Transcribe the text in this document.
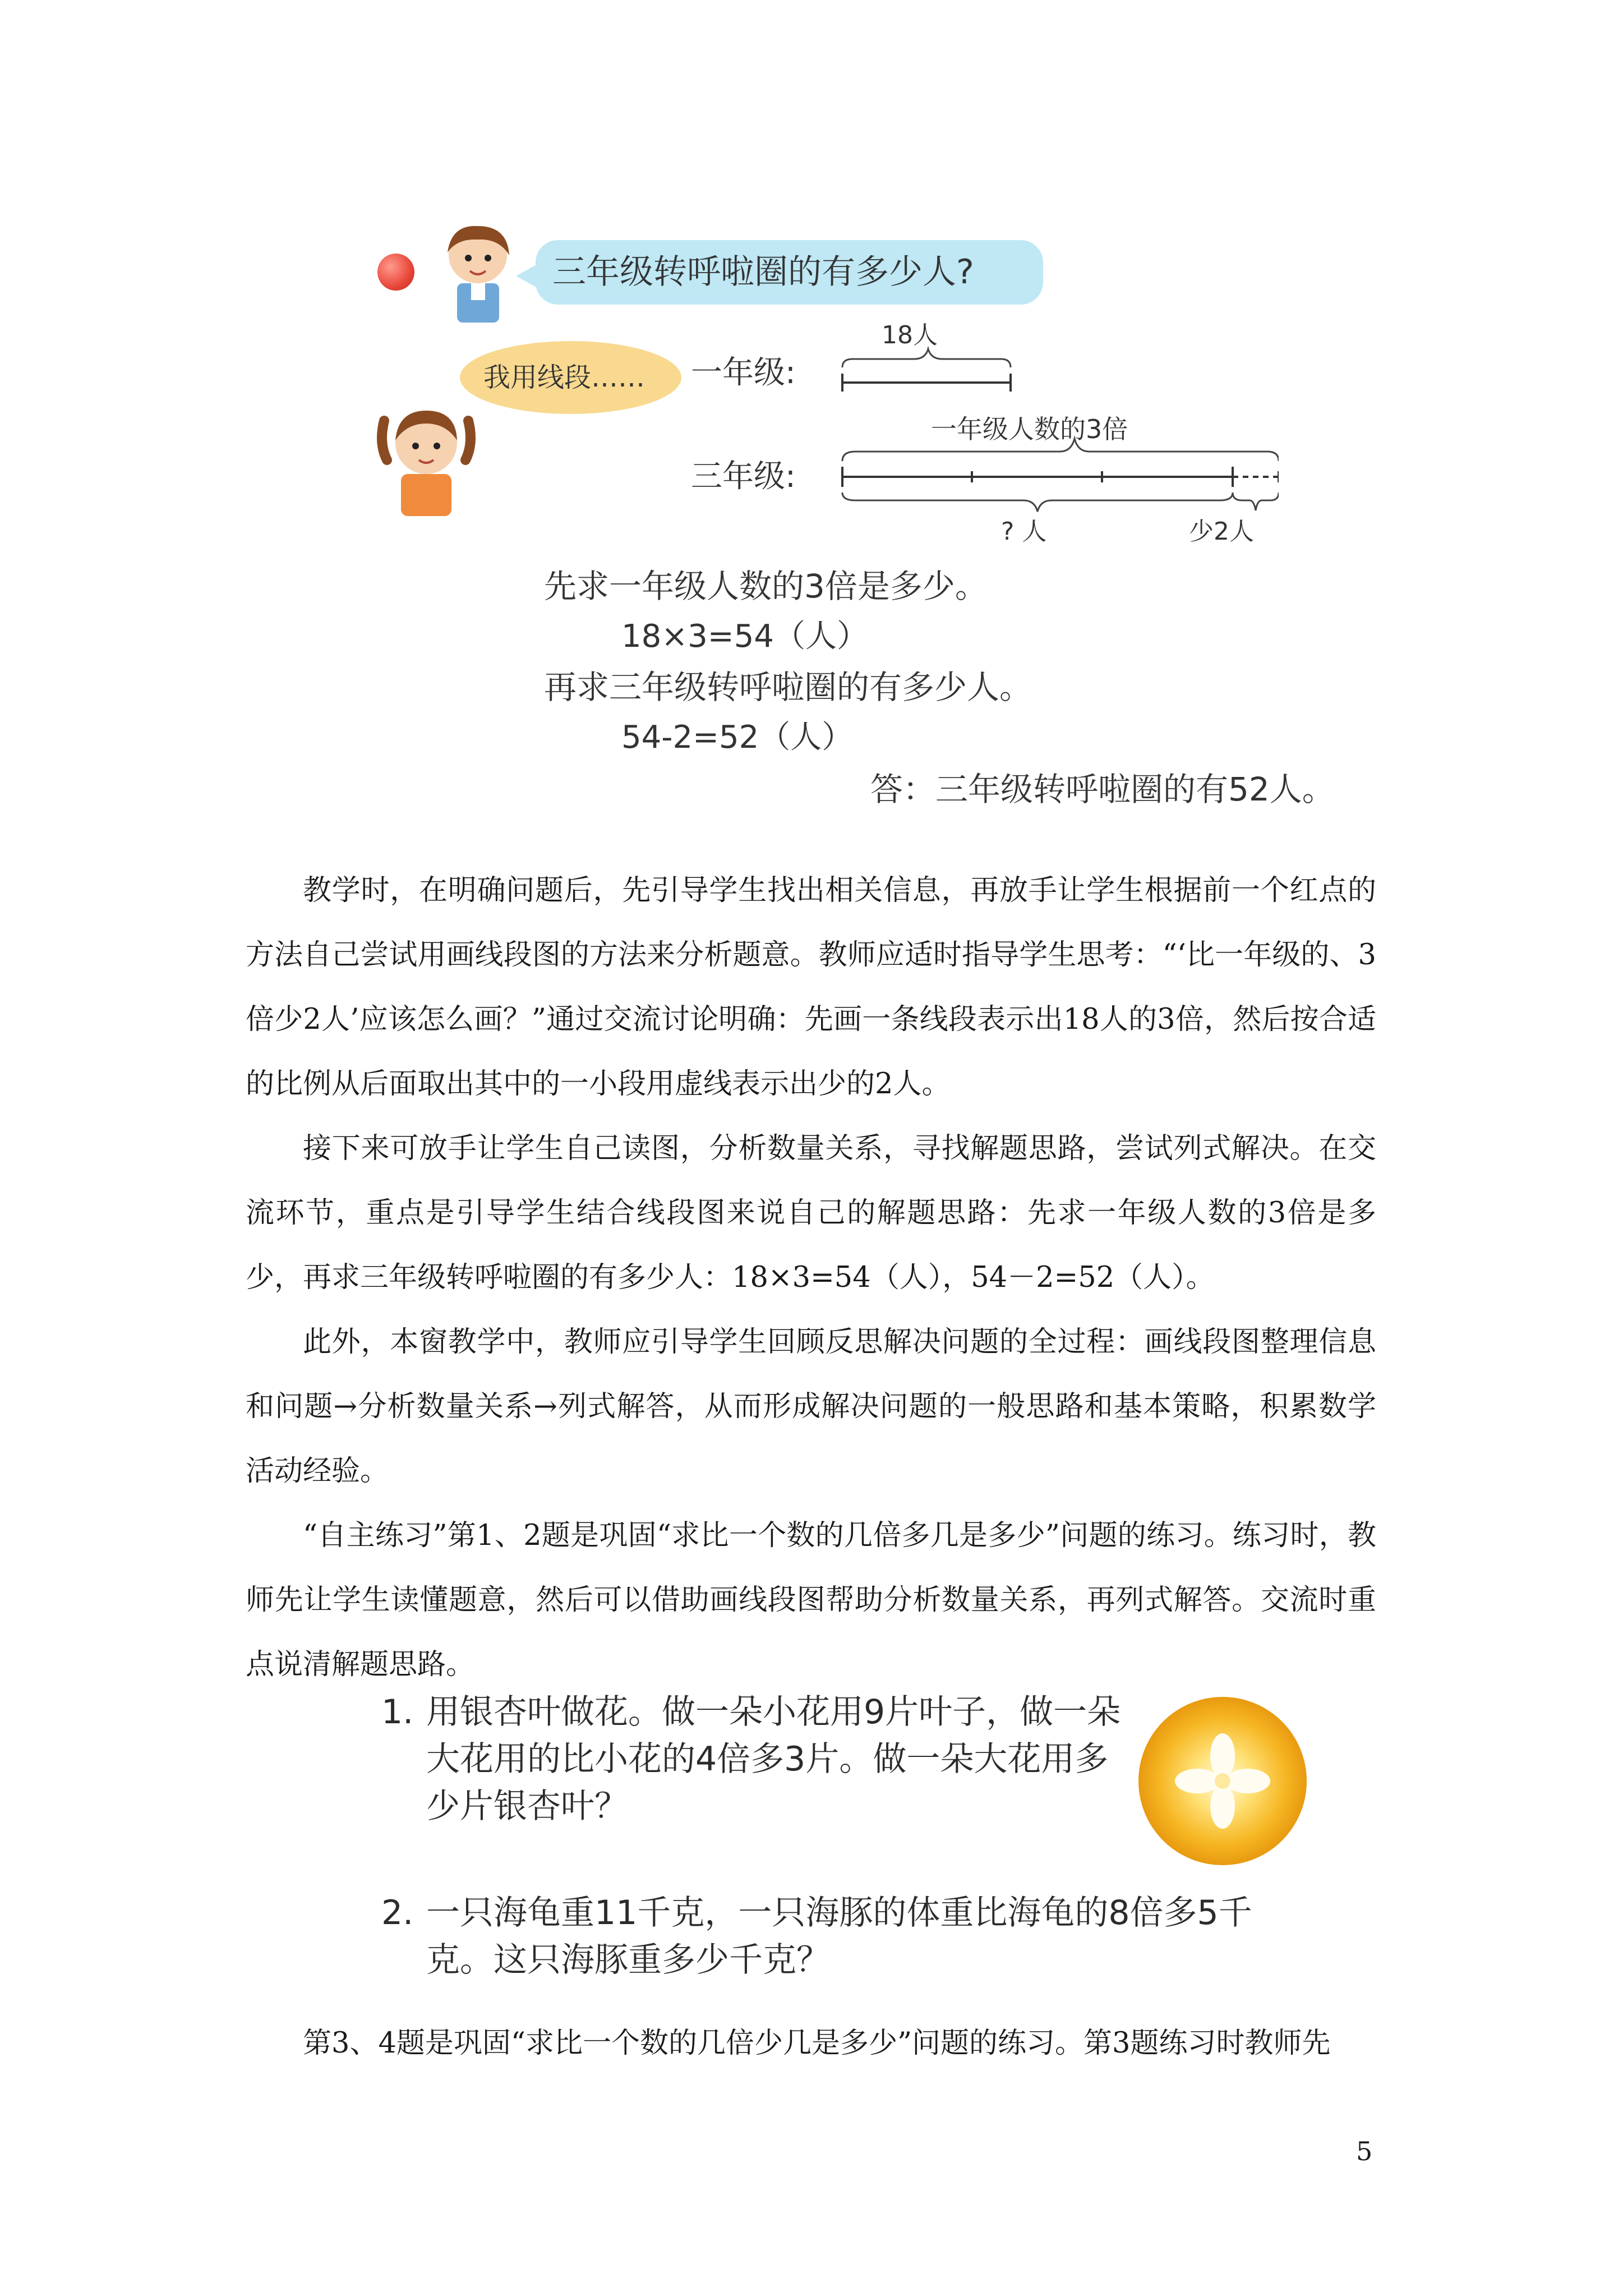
三年级转呼啦圈的有多少人?
我用线段…… 一年级:
三年级:
18人
一年级人数的3倍
? 人	少2人
先求一年级人数的3倍是多少。
18×3=54（人）
再求三年级转呼啦圈的有多少人。
54-2=52（人）
答：三年级转呼啦圈的有52人。

教学时，在明确问题后，先引导学生找出相关信息，再放手让学生根据前一个红点的方法自己尝试用画线段图的方法来分析题意。教师应适时指导学生思考：“‘比一年级的、3倍少2人’应该怎么画？”通过交流讨论明确：先画一条线段表示出18人的3倍，然后按合适的比例从后面取出其中的一小段用虚线表示出少的2人。

接下来可放手让学生自己读图，分析数量关系，寻找解题思路，尝试列式解决。在交流环节，重点是引导学生结合线段图来说自己的解题思路：先求一年级人数的3倍是多少，再求三年级转呼啦圈的有多少人：18×3=54（人），54－2=52（人）。

此外，本窗教学中，教师应引导学生回顾反思解决问题的全过程：画线段图整理信息和问题→分析数量关系→列式解答，从而形成解决问题的一般思路和基本策略，积累数学活动经验。

“自主练习”第1、2题是巩固“求比一个数的几倍多几是多少”问题的练习。练习时，教师先让学生读懂题意，然后可以借助画线段图帮助分析数量关系，再列式解答。交流时重点说清解题思路。

1. 用银杏叶做花。做一朵小花用9片叶子，做一朵大花用的比小花的4倍多3片。做一朵大花用多少片银杏叶？
2. 一只海龟重11千克，一只海豚的体重比海龟的8倍多5千克。这只海豚重多少千克？

第3、4题是巩固“求比一个数的几倍少几是多少”问题的练习。第3题练习时教师先

5
